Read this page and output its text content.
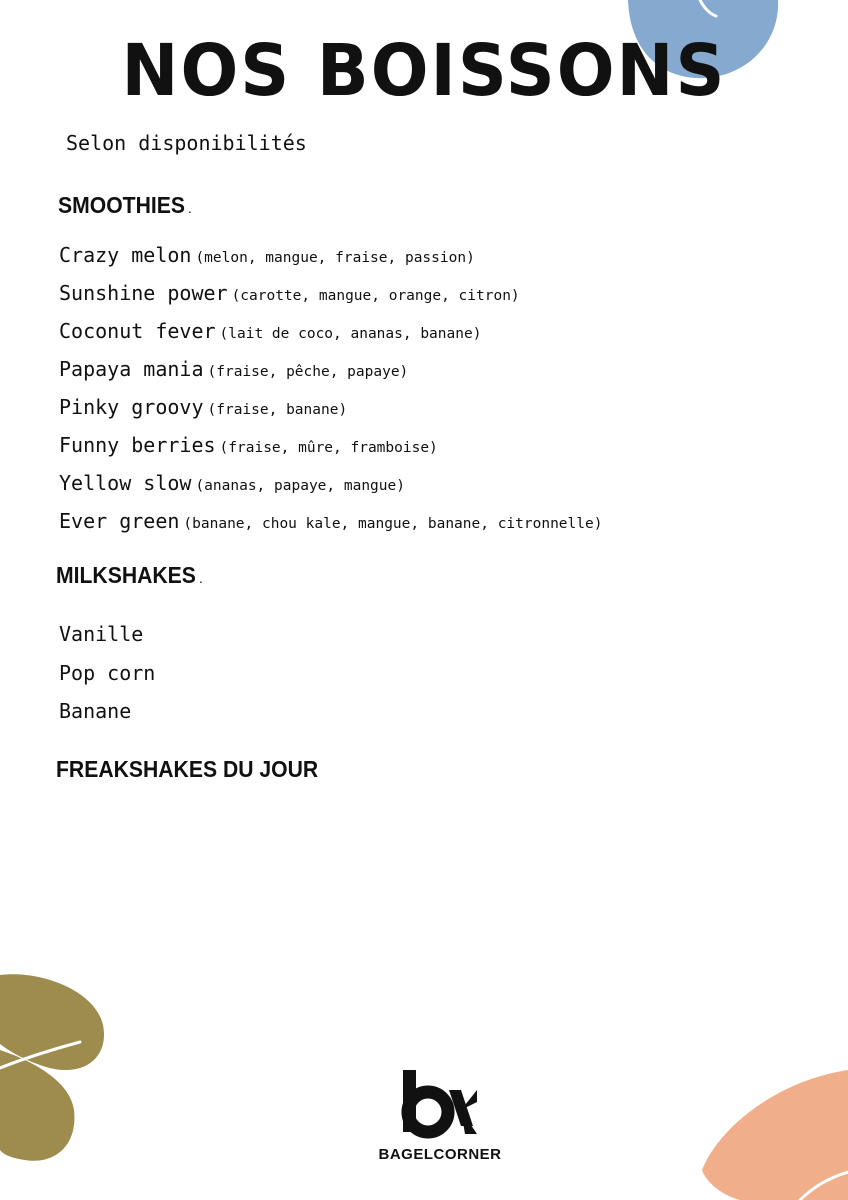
NOS BOISSONS

Selon disponibilités

SMOOTHIES .
Crazy melon (melon, mangue, fraise, passion)
Sunshine power (carotte, mangue, orange, citron)
Coconut fever (lait de coco, ananas, banane)
Papaya mania (fraise, pêche, papaye)
Pinky groovy (fraise, banane)
Funny berries (fraise, mûre, framboise)
Yellow slow (ananas, papaye, mangue)
Ever green (banane, chou kale, mangue, banane, citronnelle)
MILKSHAKES .
Vanille
Pop corn
Banane
FREAKSHAKES DU JOUR
BAGELCORNER
